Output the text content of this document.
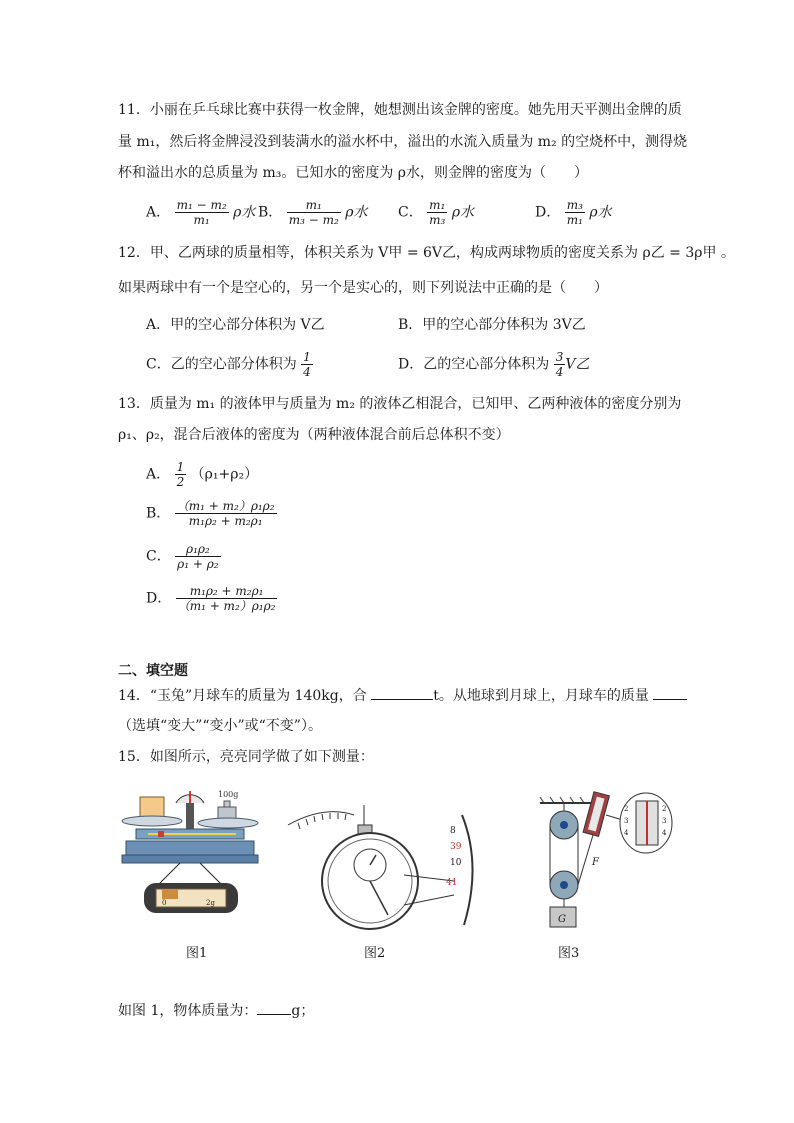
11．小丽在乒乓球比赛中获得一枚金牌，她想测出该金牌的密度。她先用天平测出金牌的质
量 m₁，然后将金牌浸没到装满水的溢水杯中，溢出的水流入质量为 m₂ 的空烧杯中，测得烧
杯和溢出水的总质量为 m₃。已知水的密度为 ρ水，则金牌的密度为（　　）
A． $\frac{\text{m₁ − m₂}}{\text{m₁}}$ ρ水 B． $\frac{\text{m₁}}{\text{m₃ − m₂}}$ ρ水 C． $\frac{\text{m₁}}{\text{m₃}}$ ρ水	D． $\frac{\text{m₃}}{\text{m₁}}$ ρ水
12．甲、乙两球的质量相等，体积关系为 V甲 = 6V乙，构成两球物质的密度关系为 ρ乙 = 3ρ甲 。
如果两球中有一个是空心的，另一个是实心的，则下列说法中正确的是（　　）
A．甲的空心部分体积为 V乙	B．甲的空心部分体积为 3V乙
C．乙的空心部分体积为 $\frac{1}{4}$	D．乙的空心部分体积为 $\frac{3}{4}$ V乙
13．质量为 m₁ 的液体甲与质量为 m₂ 的液体乙相混合，已知甲、乙两种液体的密度分别为
ρ₁、ρ₂，混合后液体的密度为（两种液体混合前后总体积不变）
A． $\frac{1}{2} (\rho_1+\rho_2)$
B． $\frac{\text{（m₁ + m₂）ρ₁ρ₂}}{\text{m₁ρ₂ + m₂ρ₁}}$
C． $\frac{\text{ρ₁ρ₂}}{\text{ρ₁ + ρ₂}}$
D． $\frac{\text{m₁ρ₂ + m₂ρ₁}}{\text{（m₁ + m₂）ρ₁ρ₂}}$
二、填空题
14．“玉兔”月球车的质量为 140kg，合	t。从地球到月球上，月球车的质量
（选填“变大”“变小”或“不变”）。
15．如图所示，亮亮同学做了如下测量：
100g
0	2g
图1
8
39
10
41
图2
G
F
2
3
4
2
3
4
图3
如图 1，物体质量为： g；
